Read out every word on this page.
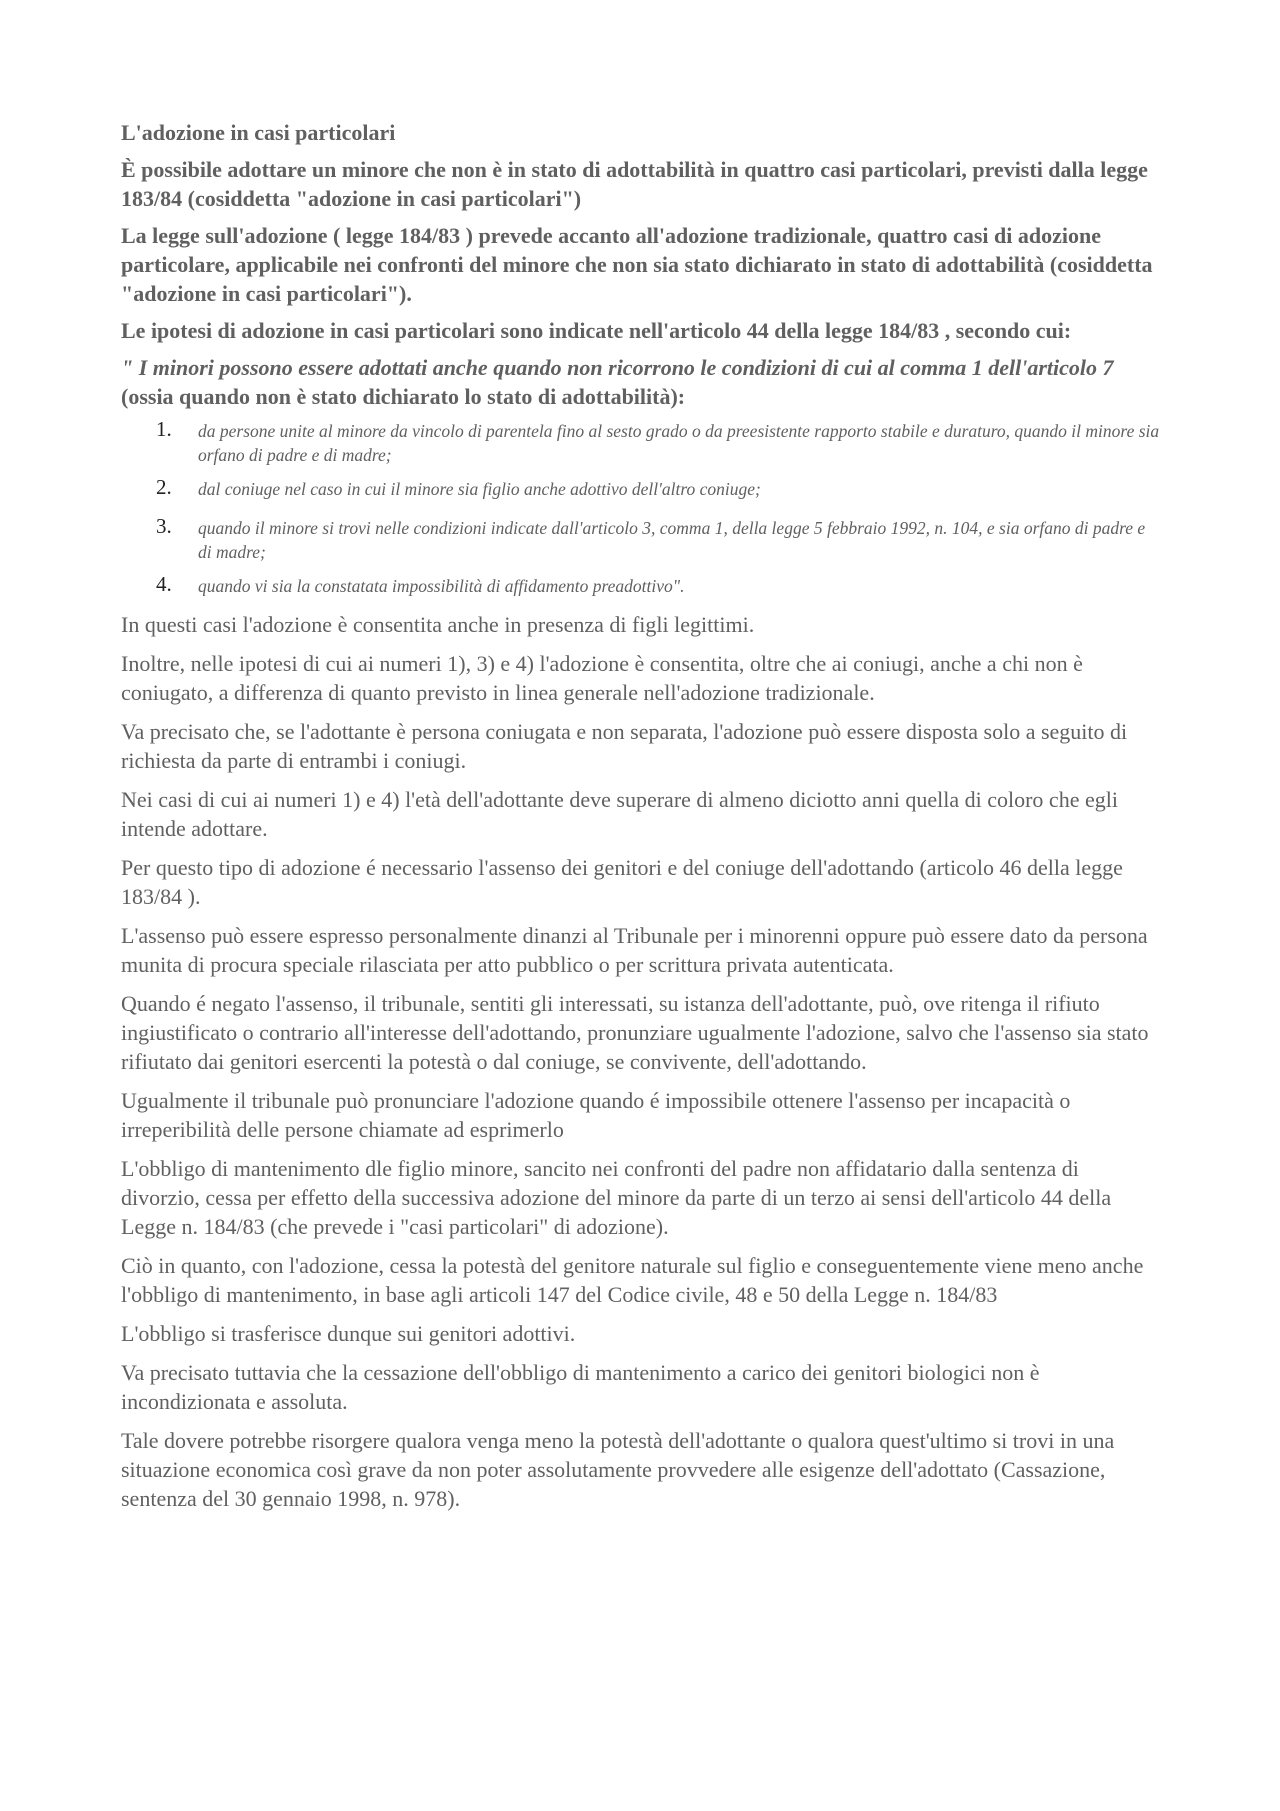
L'adozione in casi particolari

È possibile adottare un minore che non è in stato di adottabilità in quattro casi particolari, previsti dalla legge 183/84 (cosiddetta "adozione in casi particolari")

La legge sull'adozione ( legge 184/83 ) prevede accanto all'adozione tradizionale, quattro casi di adozione particolare, applicabile nei confronti del minore che non sia stato dichiarato in stato di adottabilità (cosiddetta "adozione in casi particolari").

Le ipotesi di adozione in casi particolari sono indicate nell'articolo 44 della legge 184/83 , secondo cui:

" I minori possono essere adottati anche quando non ricorrono le condizioni di cui al comma 1 dell'articolo 7 (ossia quando non è stato dichiarato lo stato di adottabilità):

1. da persone unite al minore da vincolo di parentela fino al sesto grado o da preesistente rapporto stabile e duraturo, quando il minore sia orfano di padre e di madre;
2. dal coniuge nel caso in cui il minore sia figlio anche adottivo dell'altro coniuge;
3. quando il minore si trovi nelle condizioni indicate dall'articolo 3, comma 1, della legge 5 febbraio 1992, n. 104, e sia orfano di padre e di madre;
4. quando vi sia la constatata impossibilità di affidamento preadottivo".

In questi casi l'adozione è consentita anche in presenza di figli legittimi.

Inoltre, nelle ipotesi di cui ai numeri 1), 3) e 4) l'adozione è consentita, oltre che ai coniugi, anche a chi non è coniugato, a differenza di quanto previsto in linea generale nell'adozione tradizionale.

Va precisato che, se l'adottante è persona coniugata e non separata, l'adozione può essere disposta solo a seguito di richiesta da parte di entrambi i coniugi.

Nei casi di cui ai numeri 1) e 4) l'età dell'adottante deve superare di almeno diciotto anni quella di coloro che egli intende adottare.

Per questo tipo di adozione é necessario l'assenso dei genitori e del coniuge dell'adottando (articolo 46 della legge 183/84 ).

L'assenso può essere espresso personalmente dinanzi al Tribunale per i minorenni oppure può essere dato da persona munita di procura speciale rilasciata per atto pubblico o per scrittura privata autenticata.

Quando é negato l'assenso, il tribunale, sentiti gli interessati, su istanza dell'adottante, può, ove ritenga il rifiuto ingiustificato o contrario all'interesse dell'adottando, pronunziare ugualmente l'adozione, salvo che l'assenso sia stato rifiutato dai genitori esercenti la potestà o dal coniuge, se convivente, dell'adottando.

Ugualmente il tribunale può pronunciare l'adozione quando é impossibile ottenere l'assenso per incapacità o irreperibilità delle persone chiamate ad esprimerlo

L'obbligo di mantenimento dle figlio minore, sancito nei confronti del padre non affidatario dalla sentenza di divorzio, cessa per effetto della successiva adozione del minore da parte di un terzo ai sensi dell'articolo 44 della Legge n. 184/83 (che prevede i "casi particolari" di adozione).

Ciò in quanto, con l'adozione, cessa la potestà del genitore naturale sul figlio e conseguentemente viene meno anche l'obbligo di mantenimento, in base agli articoli 147 del Codice civile, 48 e 50 della Legge n. 184/83

L'obbligo si trasferisce dunque sui genitori adottivi.

Va precisato tuttavia che la cessazione dell'obbligo di mantenimento a carico dei genitori biologici non è incondizionata e assoluta.

Tale dovere potrebbe risorgere qualora venga meno la potestà dell'adottante o qualora quest'ultimo si trovi in una situazione economica così grave da non poter assolutamente provvedere alle esigenze dell'adottato (Cassazione, sentenza del 30 gennaio 1998, n. 978).
